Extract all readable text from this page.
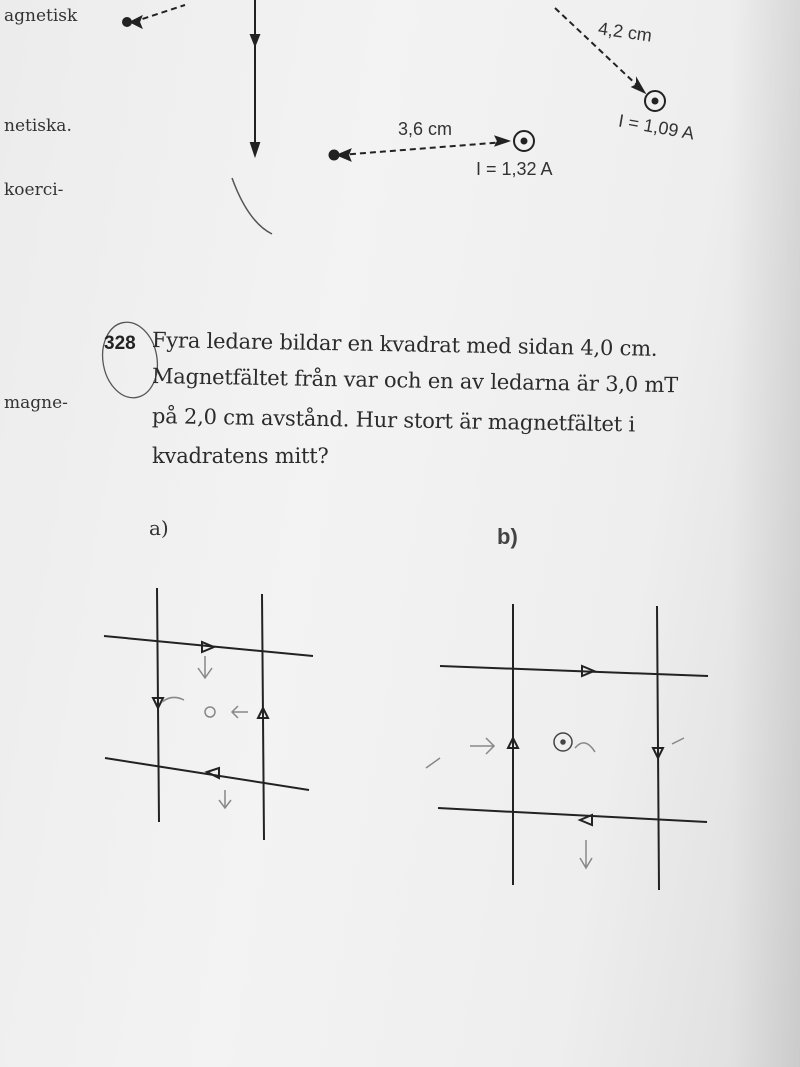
agnetisk
netiska.
koerci-
magne-
3,6 cm
4,2 cm
I = 1,32 A
I = 1,09 A
328 Fyra ledare bildar en kvadrat med sidan 4,0 cm.
Magnetfältet från var och en av ledarna är 3,0 mT
på 2,0 cm avstånd. Hur stort är magnetfältet i
kvadratens mitt?
a)	b)
